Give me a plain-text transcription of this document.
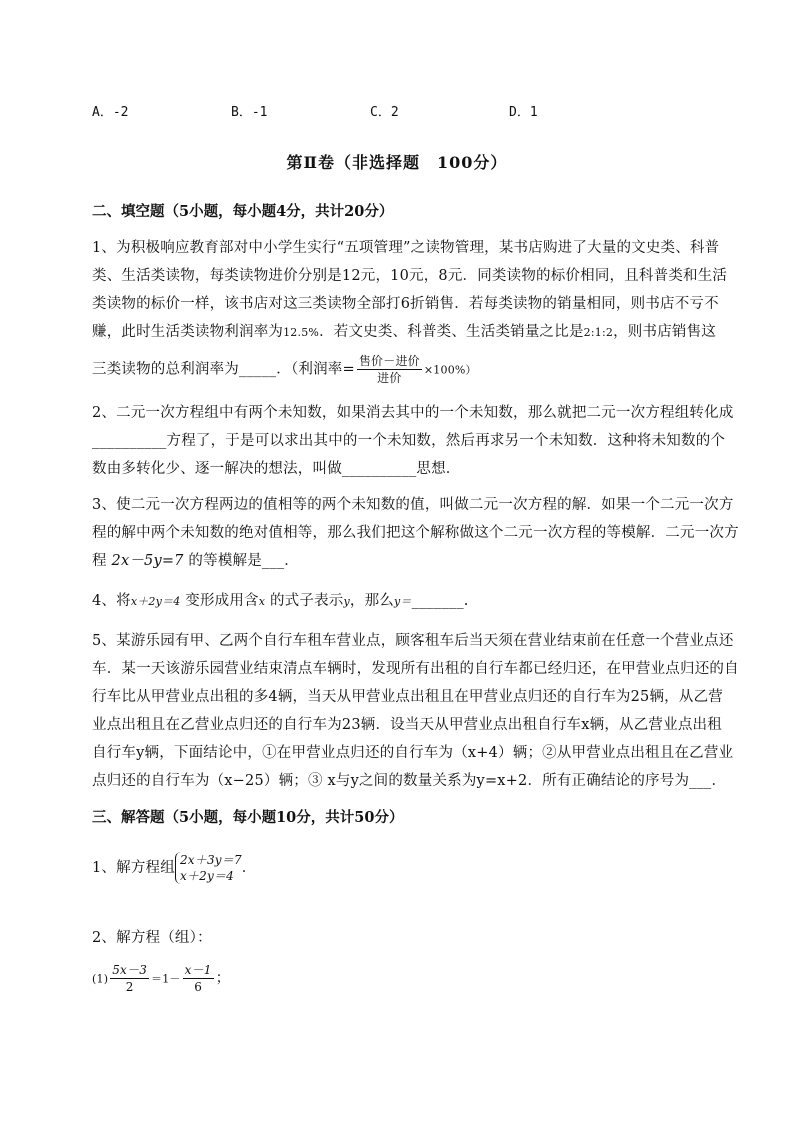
A．-2	B．-1	C．2	D．1
第Ⅱ卷（非选择题　100分）
二、填空题（5小题，每小题4分，共计20分）
1、为积极响应教育部对中小学生实行“五项管理”之读物管理，某书店购进了大量的文史类、科普
类、生活类读物，每类读物进价分别是12元，10元，8元．同类读物的标价相同，且科普类和生活
类读物的标价一样，该书店对这三类读物全部打6折销售．若每类读物的销量相同，则书店不亏不
赚，此时生活类读物利润率为12.5%．若文史类、科普类、生活类销量之比是2:1:2，则书店销售这
三类读物的总利润率为_____．（利润率= $\frac{\text{售价－进价}}{\text{进价}} \times 100\%$）
2、二元一次方程组中有两个未知数，如果消去其中的一个未知数，那么就把二元一次方程组转化成
__________方程了，于是可以求出其中的一个未知数，然后再求另一个未知数．这种将未知数的个
数由多转化少、逐一解决的想法，叫做__________思想．
3、使二元一次方程两边的值相等的两个未知数的值，叫做二元一次方程的解．如果一个二元一次方
程的解中两个未知数的绝对值相等，那么我们把这个解称做这个二元一次方程的等模解．二元一次方
程 2x－5y=7 的等模解是___．
4、将x＋2y＝4 变形成用含x 的式子表示y，那么y＝_______.
5、某游乐园有甲、乙两个自行车租车营业点，顾客租车后当天须在营业结束前在任意一个营业点还
车．某一天该游乐园营业结束清点车辆时，发现所有出租的自行车都已经归还，在甲营业点归还的自
行车比从甲营业点出租的多4辆，当天从甲营业点出租且在甲营业点归还的自行车为25辆，从乙营
业点出租且在乙营业点归还的自行车为23辆．设当天从甲营业点出租自行车x辆，从乙营业点出租
自行车y辆，下面结论中，①在甲营业点归还的自行车为（x+4）辆；②从甲营业点出租且在乙营业
点归还的自行车为（x−25）辆；③ x与y之间的数量关系为y=x+2．所有正确结论的序号为___．
三、解答题（5小题，每小题10分，共计50分）
1、解方程组 2x＋3y＝7
x＋2y＝4 ．
2、解方程（组）：
$(1) \frac{5x-3}{2} =1- \frac{x-1}{6}$ ；
